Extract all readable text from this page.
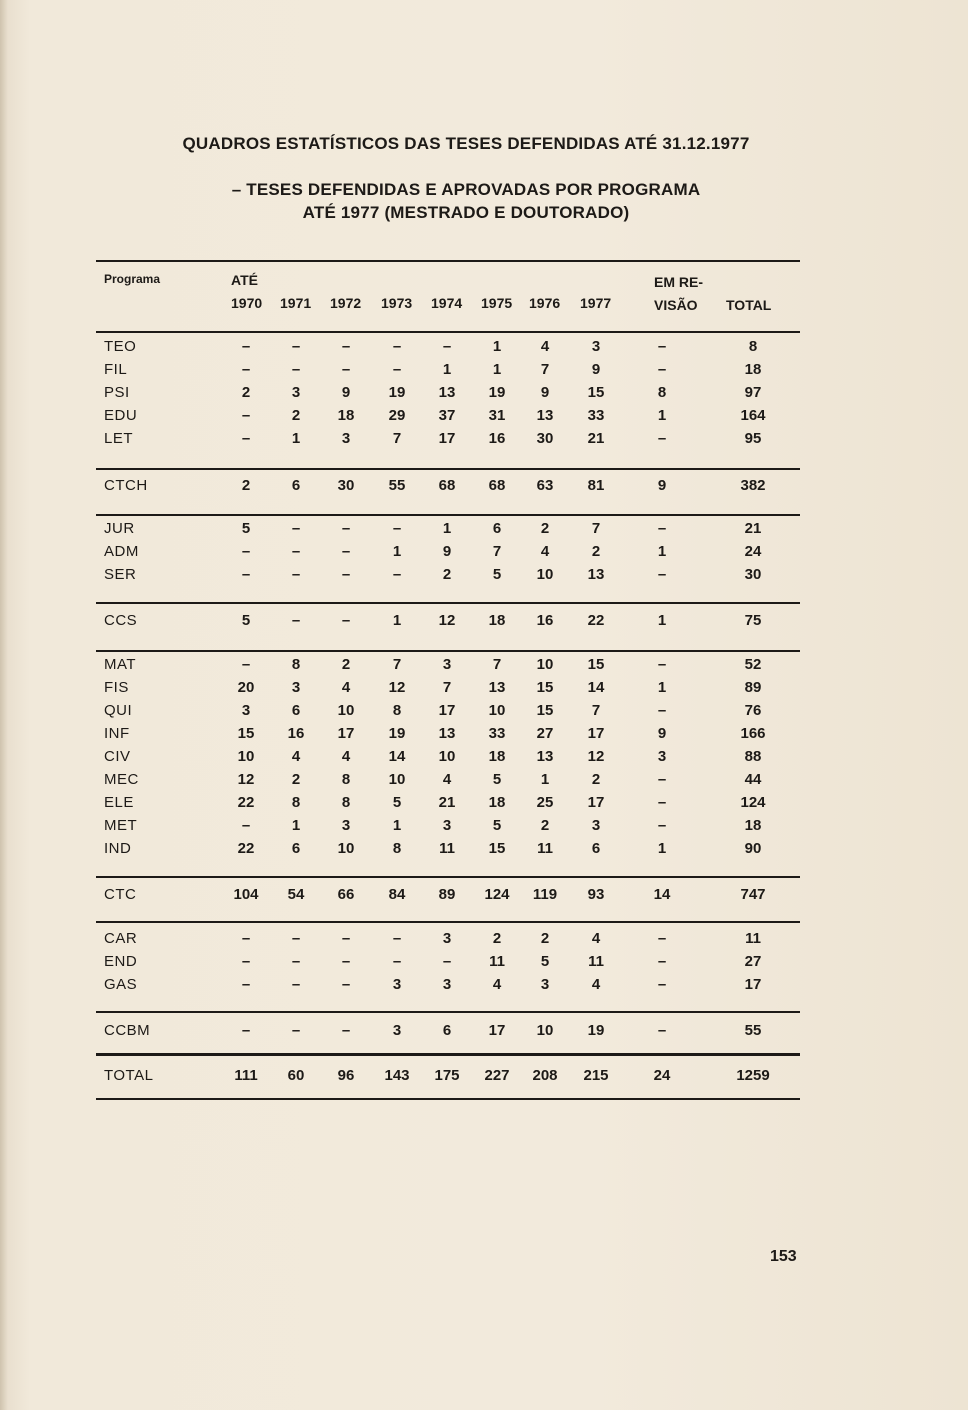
QUADROS ESTATÍSTICOS DAS TESES DEFENDIDAS ATÉ 31.12.1977
– TESES DEFENDIDAS E APROVADAS POR PROGRAMA
ATÉ 1977 (MESTRADO E DOUTORADO)
Programa	ATÉ
1970 1971 1972 1973 1974 1975 1976 1977
EM RE-
VISÃO TOTAL
TEO	–	–	–	–	–	1	4	3	–	8
FIL	–	–	–	–	1	1	7	9	–	18
PSI	2	3	9	19	13	19	9	15	8	97
EDU	–	2	18	29	37	31	13	33	1	164
LET	–	1	3	7	17	16	30	21	–	95
CTCH	2	6	30	55	68	68	63	81	9	382
JUR	5	–	–	–	1	6	2	7	–	21
ADM	–	–	–	1	9	7	4	2	1	24
SER	–	–	–	–	2	5	10	13	–	30
CCS	5	–	–	1	12	18	16	22	1	75
MAT	–	8	2	7	3	7	10	15	–	52
FIS	20	3	4	12	7	13	15	14	1	89
QUI	3	6	10	8	17	10	15	7	–	76
INF	15	16	17	19	13	33	27	17	9	166
CIV	10	4	4	14	10	18	13	12	3	88
MEC	12	2	8	10	4	5	1	2	–	44
ELE	22	8	8	5	21	18	25	17	–	124
MET	–	1	3	1	3	5	2	3	–	18
IND	22	6	10	8	11	15	11	6	1	90
CTC	104	54	66	84	89	124	119	93	14	747
CAR	–	–	–	–	3	2	2	4	–	11
END	–	–	–	–	–	11	5	11	–	27
GAS	–	–	–	3	3	4	3	4	–	17
CCBM	–	–	–	3	6	17	10	19	–	55
TOTAL	111	60	96	143	175	227	208	215	24	1259
153
